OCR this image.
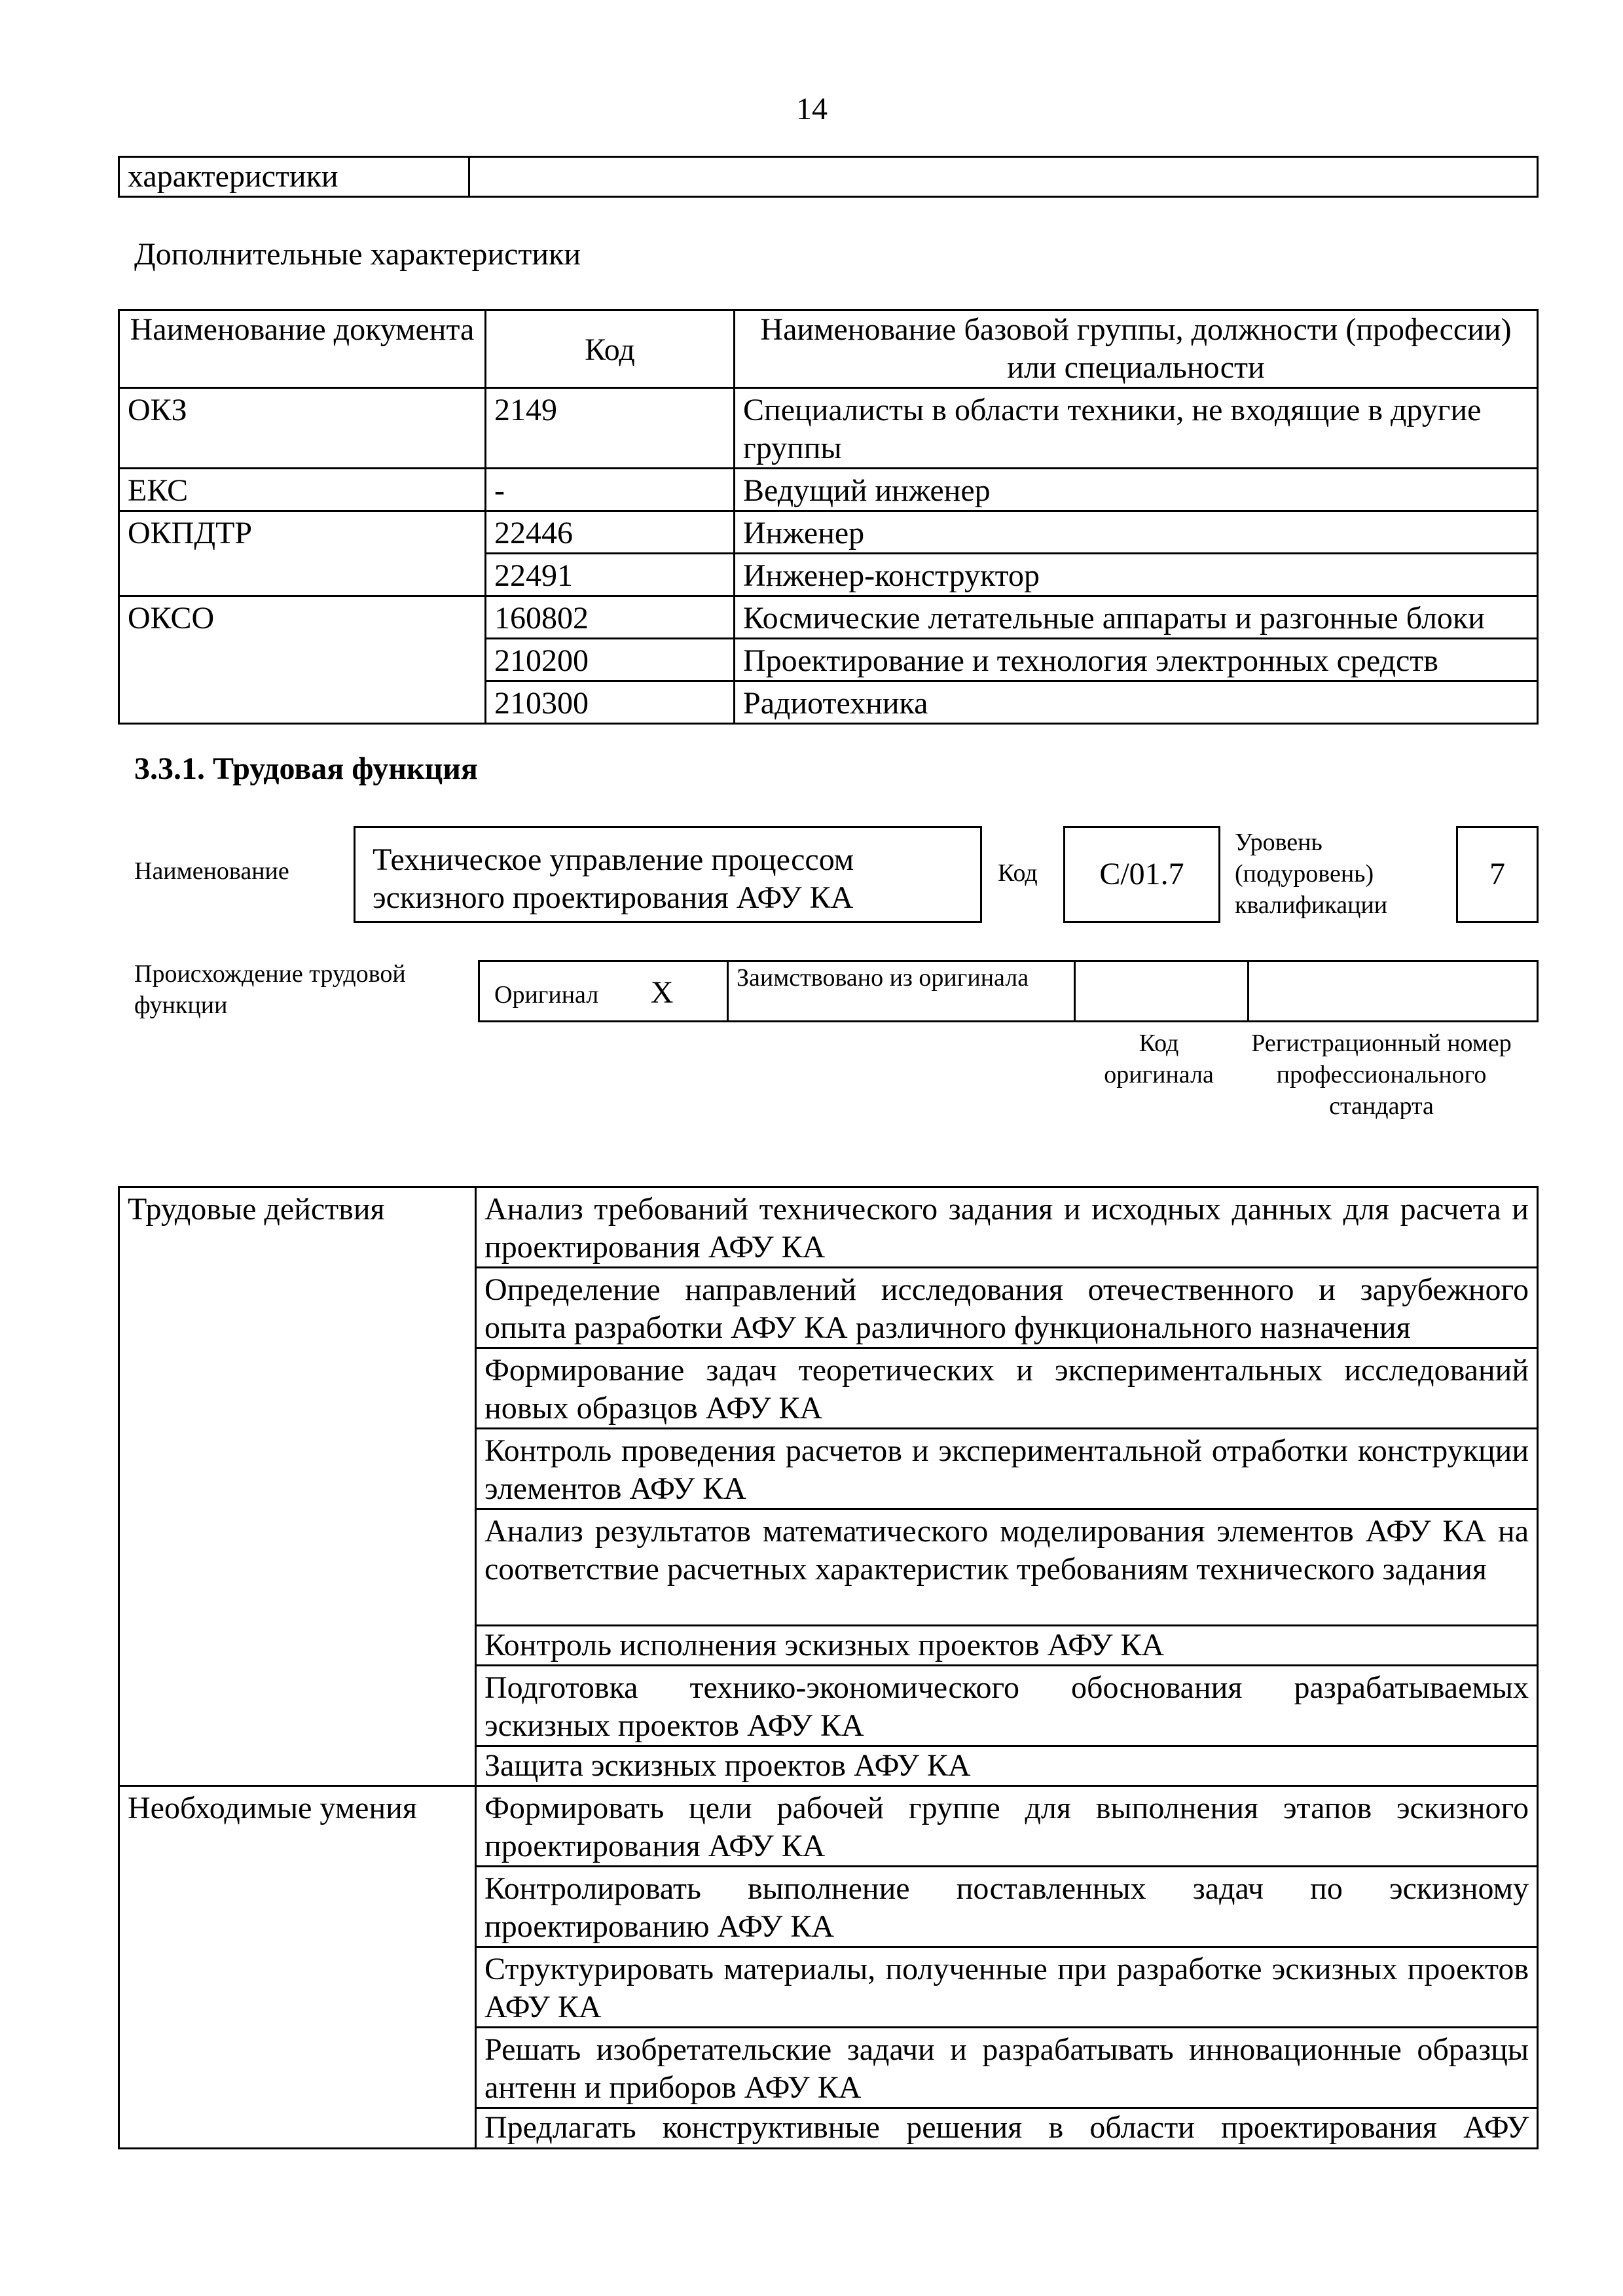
14
характеристики	
Дополнительные характеристики
Наименование документа	Код	Наименование базовой группы, должности (профессии) или специальности
ОКЗ	2149	Специалисты в области техники, не входящие в другие группы
ЕКС	-	Ведущий инженер
ОКПДТР	22446	Инженер
	22491	Инженер-конструктор
ОКСО	160802	Космические летательные аппараты и разгонные блоки
	210200	Проектирование и технология электронных средств
	210300	Радиотехника
3.3.1. Трудовая функция
Наименование	Техническое управление процессом эскизного проектирования АФУ КА
Код	С/01.7
Уровень (подуровень) квалификации
7
Происхождение трудовой функции	Оригинал X	Заимствовано из оригинала		
Код оригинала
Регистрационный номер профессионального стандарта
Трудовые действия	Анализ требований технического задания и исходных данных для расчета и проектирования АФУ КА
	Определение направлений исследования отечественного и зарубежного опыта разработки АФУ КА различного функционального назначения
	Формирование задач теоретических и экспериментальных исследований новых образцов АФУ КА
	Контроль проведения расчетов и экспериментальной отработки конструкции элементов АФУ КА
	Анализ результатов математического моделирования элементов АФУ КА на соответствие расчетных характеристик требованиям технического задания
	Контроль исполнения эскизных проектов АФУ КА
	Подготовка технико-экономического обоснования разрабатываемых эскизных проектов АФУ КА
	Защита эскизных проектов АФУ КА
Необходимые умения	Формировать цели рабочей группе для выполнения этапов эскизного проектирования АФУ КА
	Контролировать выполнение поставленных задач по эскизному проектированию АФУ КА
	Структурировать материалы, полученные при разработке эскизных проектов АФУ КА
	Решать изобретательские задачи и разрабатывать инновационные образцы антенн и приборов АФУ КА
	Предлагать конструктивные решения в области проектирования АФУ
